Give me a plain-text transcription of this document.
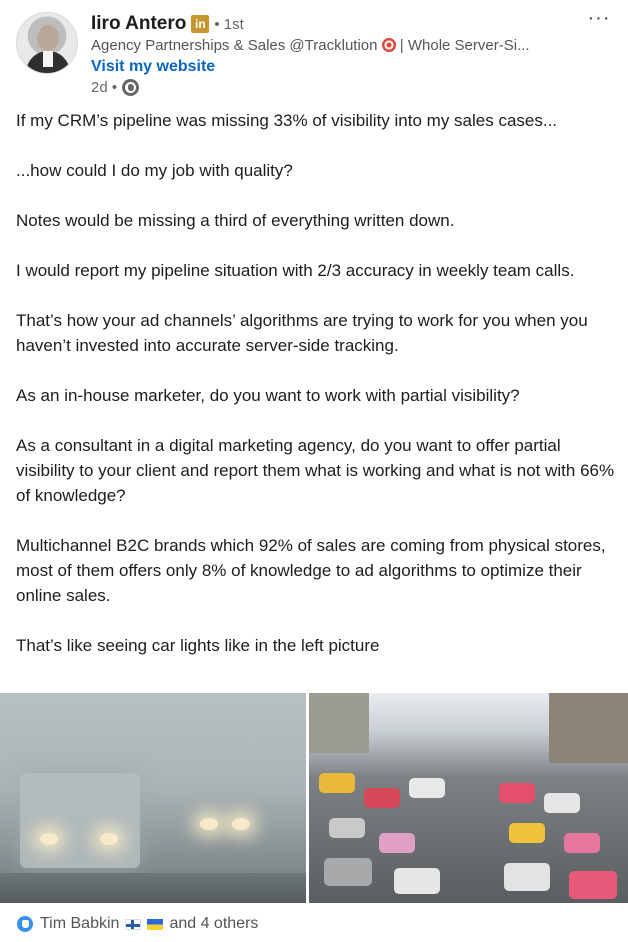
Iiro Antero in • 1st
Agency Partnerships & Sales @Tracklution  | Whole Server-Si...
Visit my website
2d •
···

If my CRM’s pipeline was missing 33% of visibility into my sales cases...

...how could I do my job with quality?

Notes would be missing a third of everything written down.

I would report my pipeline situation with 2/3 accuracy in weekly team calls.

That’s how your ad channels’ algorithms are trying to work for you when you haven’t invested into accurate server-side tracking.

As an in-house marketer, do you want to work with partial visibility?

As a consultant in a digital marketing agency, do you want to offer partial visibility to your client and report them what is working and what is not with 66% of knowledge?

Multichannel B2C brands which 92% of sales are coming from physical stores, most of them offers only 8% of knowledge to ad algorithms to optimize their online sales.

That’s like seeing car lights like in the left picture

Tim Babkin	and 4 others
